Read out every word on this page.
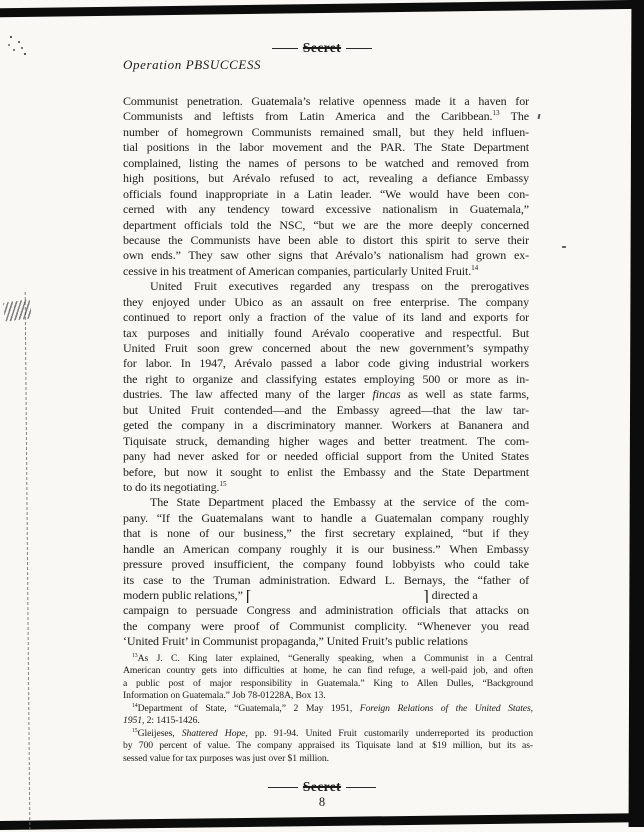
Secret
Operation PBSUCCESS
Communist penetration. Guatemala’s relative openness made it a haven for
Communists and leftists from Latin America and the Caribbean.$^{13}$ The
number of homegrown Communists remained small, but they held influen-
tial positions in the labor movement and the PAR. The State Department
complained, listing the names of persons to be watched and removed from
high positions, but Arévalo refused to act, revealing a defiance Embassy
officials found inappropriate in a Latin leader. “We would have been con-
cerned with any tendency toward excessive nationalism in Guatemala,”
department officials told the NSC, “but we are the more deeply concerned
because the Communists have been able to distort this spirit to serve their
own ends.” They saw other signs that Arévalo’s nationalism had grown ex-
cessive in his treatment of American companies, particularly United Fruit.$^{14}$
United Fruit executives regarded any trespass on the prerogatives
they enjoyed under Ubico as an assault on free enterprise. The company
continued to report only a fraction of the value of its land and exports for
tax purposes and initially found Arévalo cooperative and respectful. But
United Fruit soon grew concerned about the new government’s sympathy
for labor. In 1947, Arévalo passed a labor code giving industrial workers
the right to organize and classifying estates employing 500 or more as in-
dustries. The law affected many of the larger fincas as well as state farms,
but United Fruit contended—and the Embassy agreed—that the law tar-
geted the company in a discriminatory manner. Workers at Bananera and
Tiquisate struck, demanding higher wages and better treatment. The com-
pany had never asked for or needed official support from the United States
before, but now it sought to enlist the Embassy and the State Department
to do its negotiating.$^{15}$
The State Department placed the Embassy at the service of the com-
pany. “If the Guatemalans want to handle a Guatemalan company roughly
that is none of our business,” the first secretary explained, “but if they
handle an American company roughly it is our business.” When Embassy
pressure proved insufficient, the company found lobbyists who could take
its case to the Truman administration. Edward L. Bernays, the “father of
modern public relations,” [	] directed a
campaign to persuade Congress and administration officials that attacks on
the company were proof of Communist complicity. “Whenever you read
‘United Fruit’ in Communist propaganda,” United Fruit’s public relations
$^{13}$As J. C. King later explained, “Generally speaking, when a Communist in a Central
American country gets into difficulties at home, he can find refuge, a well-paid job, and often
a public post of major responsibility in Guatemala.” King to Allen Dulles, “Background
Information on Guatemala.” Job 78-01228A, Box 13.
$^{14}$Department of State, “Guatemala,” 2 May 1951, Foreign Relations of the United States,
1951, 2: 1415-1426.
$^{15}$Gleijeses, Shattered Hope, pp. 91-94. United Fruit customarily underreported its production
by 700 percent of value. The company appraised its Tiquisate land at $19 million, but its as-
sessed value for tax purposes was just over $1 million.
Secret
8
